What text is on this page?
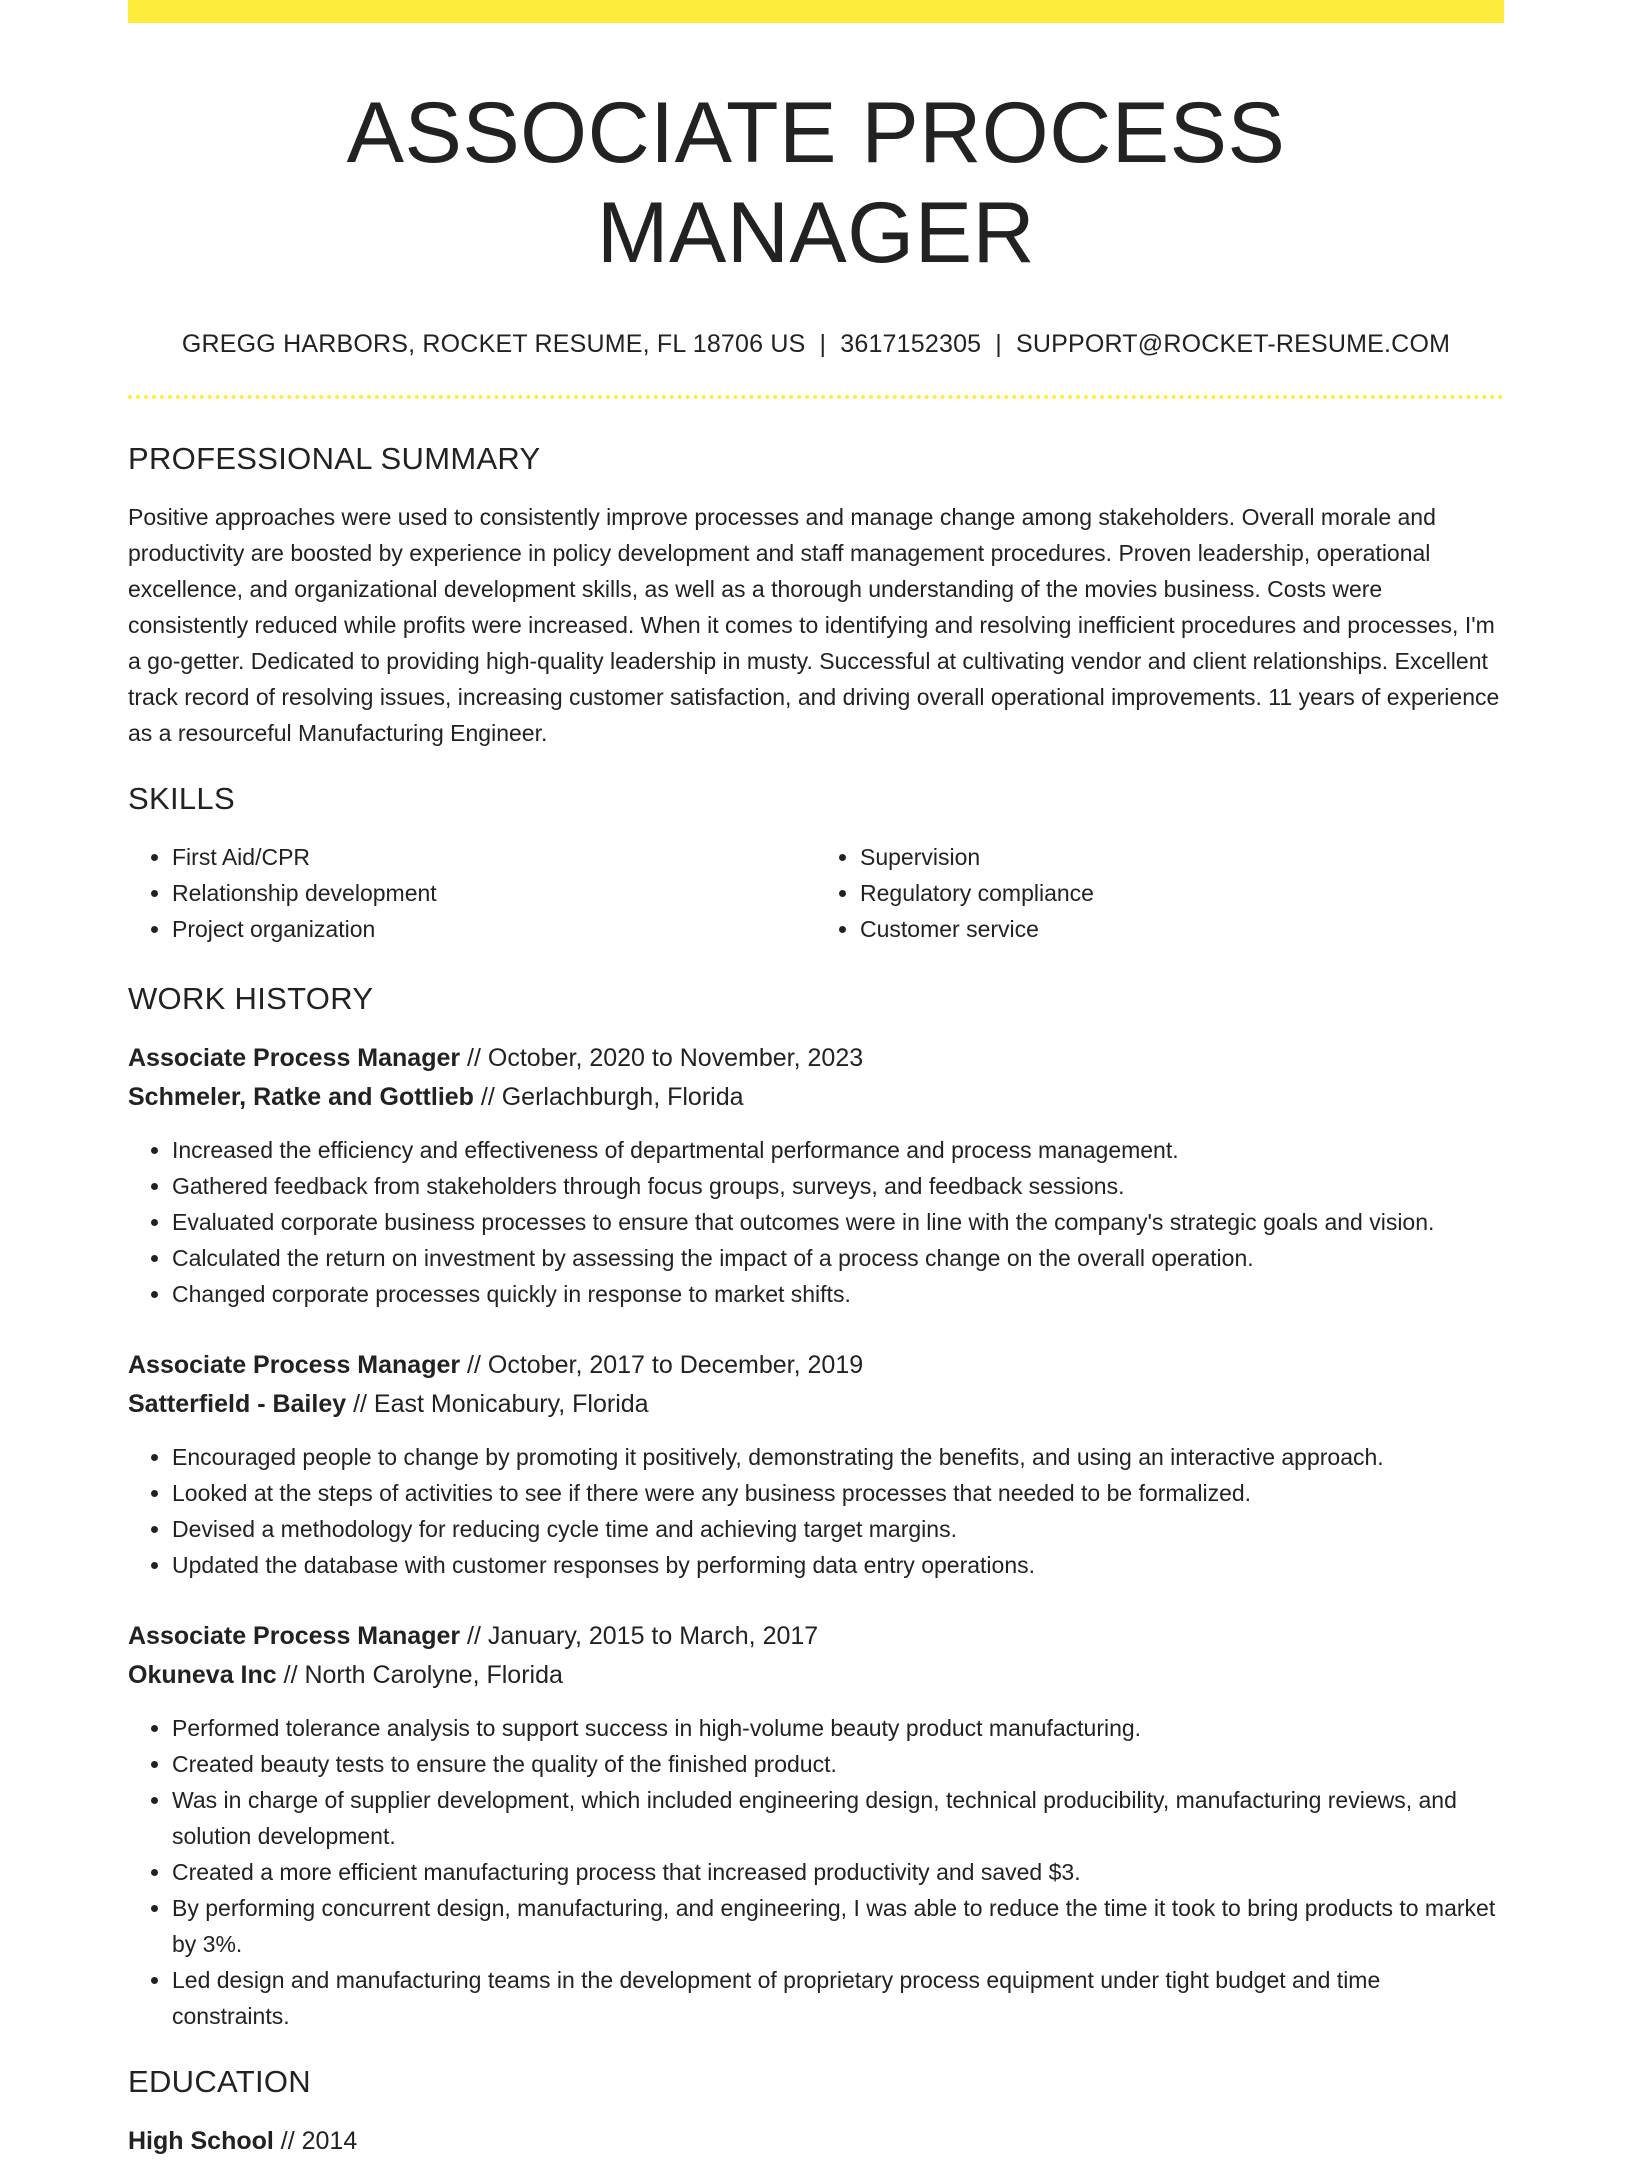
ASSOCIATE PROCESS MANAGER
GREGG HARBORS, ROCKET RESUME, FL 18706 US | 3617152305 | SUPPORT@ROCKET-RESUME.COM
PROFESSIONAL SUMMARY
Positive approaches were used to consistently improve processes and manage change among stakeholders. Overall morale and productivity are boosted by experience in policy development and staff management procedures. Proven leadership, operational excellence, and organizational development skills, as well as a thorough understanding of the movies business. Costs were consistently reduced while profits were increased. When it comes to identifying and resolving inefficient procedures and processes, I'm a go-getter. Dedicated to providing high-quality leadership in musty. Successful at cultivating vendor and client relationships. Excellent track record of resolving issues, increasing customer satisfaction, and driving overall operational improvements. 11 years of experience as a resourceful Manufacturing Engineer.
SKILLS
• First Aid/CPR
• Relationship development
• Project organization
• Supervision
• Regulatory compliance
• Customer service
WORK HISTORY
Associate Process Manager // October, 2020 to November, 2023
Schmeler, Ratke and Gottlieb // Gerlachburgh, Florida
• Increased the efficiency and effectiveness of departmental performance and process management.
• Gathered feedback from stakeholders through focus groups, surveys, and feedback sessions.
• Evaluated corporate business processes to ensure that outcomes were in line with the company's strategic goals and vision.
• Calculated the return on investment by assessing the impact of a process change on the overall operation.
• Changed corporate processes quickly in response to market shifts.
Associate Process Manager // October, 2017 to December, 2019
Satterfield - Bailey // East Monicabury, Florida
• Encouraged people to change by promoting it positively, demonstrating the benefits, and using an interactive approach.
• Looked at the steps of activities to see if there were any business processes that needed to be formalized.
• Devised a methodology for reducing cycle time and achieving target margins.
• Updated the database with customer responses by performing data entry operations.
Associate Process Manager // January, 2015 to March, 2017
Okuneva Inc // North Carolyne, Florida
• Performed tolerance analysis to support success in high-volume beauty product manufacturing.
• Created beauty tests to ensure the quality of the finished product.
• Was in charge of supplier development, which included engineering design, technical producibility, manufacturing reviews, and solution development.
• Created a more efficient manufacturing process that increased productivity and saved $3.
• By performing concurrent design, manufacturing, and engineering, I was able to reduce the time it took to bring products to market by 3%.
• Led design and manufacturing teams in the development of proprietary process equipment under tight budget and time constraints.
EDUCATION
High School // 2014
